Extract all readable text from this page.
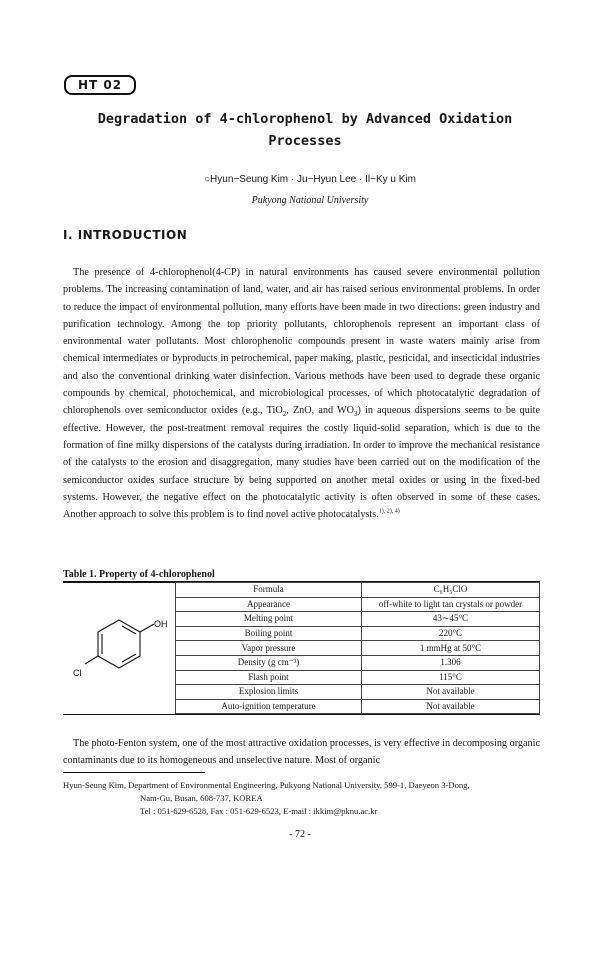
HT 02
Degradation of 4-chlorophenol by Advanced Oxidation
Processes
○Hyun−Seung Kim · Ju−Hyun Lee · Il−Ky u Kim
Pukyong National University
Ⅰ. INTRODUCTION

The presence of 4-chlorophenol(4-CP) in natural environments has caused severe environmental pollution problems. The increasing contamination of land, water, and air has raised serious environmental problems. In order to reduce the impact of environmental pollution, many efforts have been made in two directions: green industry and purification technology. Among the top priority pollutants, chlorophenols represent an important class of environmental water pollutants. Most chlorophenolic compounds present in waste waters mainly arise from chemical intermediates or byproducts in petrochemical, paper making, plastic, pesticidal, and insecticidal industries and also the conventional drinking water disinfection. Various methods have been used to degrade these organic compounds by chemical, photochemical, and microbiological processes, of which photocatalytic degradation of chlorophenols over semiconductor oxides (e.g., TiO$_2$, ZnO, and $WO_3$) in aqueous dispersions seems to be quite effective. However, the post-treatment removal requires the costly liquid-solid separation, which is due to the formation of fine milky dispersions of the catalysts during irradiation. In order to improve the mechanical resistance of the catalysts to the erosion and disaggregation, many studies have been carried out on the modification of the semiconductor oxides surface structure by being supported on another metal oxides or using in the fixed-bed systems. However, the negative effect on the photocatalytic activity is often observed in some of these cases. Another approach to solve this problem is to find novel active photocatalysts.$^{1), 2), 4)}$

Table 1. Property of 4-chlorophenol
OH
Cl
Formula	C₆H₅ClO
Appearance	off-white to light tan crystals or powder
Melting point	43∼45°C
Boiling point	220°C
Vapor pressure	1 mmHg at 50°C
Density (g cm⁻³)	1.306
Flash point	115°C
Explosion limits	Not available
Auto-ignition temperature	Not available

The photo-Fenton system, one of the most attractive oxidation processes, is very effective in decomposing organic contaminants due to its homogeneous and unselective nature. Most of organic

Hyun-Seung Kim, Department of Environmental Engineering, Pukyong National University, 599-1, Daeyeon 3-Dong,
Nam-Gu, Busan, 608-737, KOREA
Tel : 051-629-6528, Fax : 051-629-6523, E-mail : ikkim@pknu.ac.kr
- 72 -
